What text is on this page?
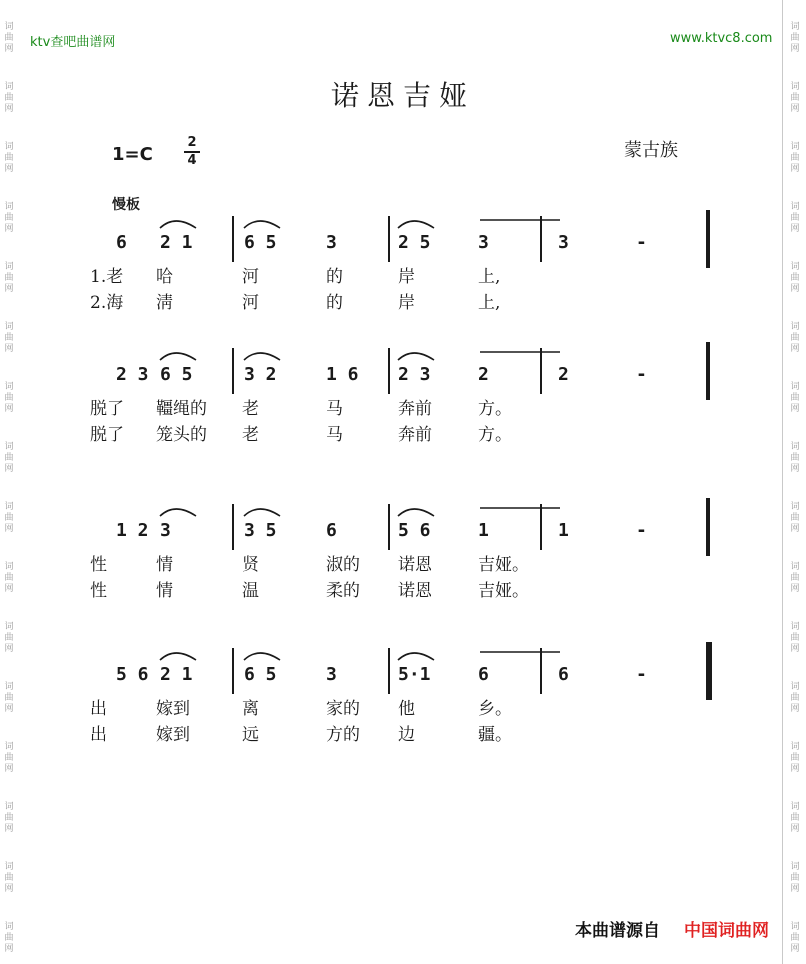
词
曲
网
词
曲
网
词
曲
网
词
曲
网
词
曲
网
词
曲
网
词
曲
网
词
曲
网
词
曲
网
词
曲
网
词
曲
网
词
曲
网
词
曲
网
词
曲
网
词
曲
网
词
曲
网
词
曲
网
词
曲
网
词
曲
网
词
曲
网
词
曲
网
词
曲
网
词
曲
网
词
曲
网
词
曲
网
词
曲
网
词
曲
网
词
曲
网
词
曲
网
词
曲
网
词
曲
网
词
曲
网
ktv查吧曲谱网	www.ktvc8.com
诺恩吉娅
1=C
2
4	蒙古族
慢板
6 2 1	6 5	3	2 5	3	3	-
1.老 哈	河	的	岸	上,
2.海 淸	河	的	岸	上,
2 3 6 5	3 2	1 6 2 3	2	2	-
脱了 韁绳的 老	马	奔前	方。
脱了 笼头的 老	马	奔前	方。
1 2 3	3 5	6	5 6	1	1	-
性	情	贤	淑的 诺恩	吉娅。
性	情	温	柔的 诺恩	吉娅。
5 6 2 1	6 5	3	5·1	6	6	-
出	嫁到	离	家的 他	乡。
出	嫁到	远	方的 边	疆。
本曲谱源自 中国词曲网
